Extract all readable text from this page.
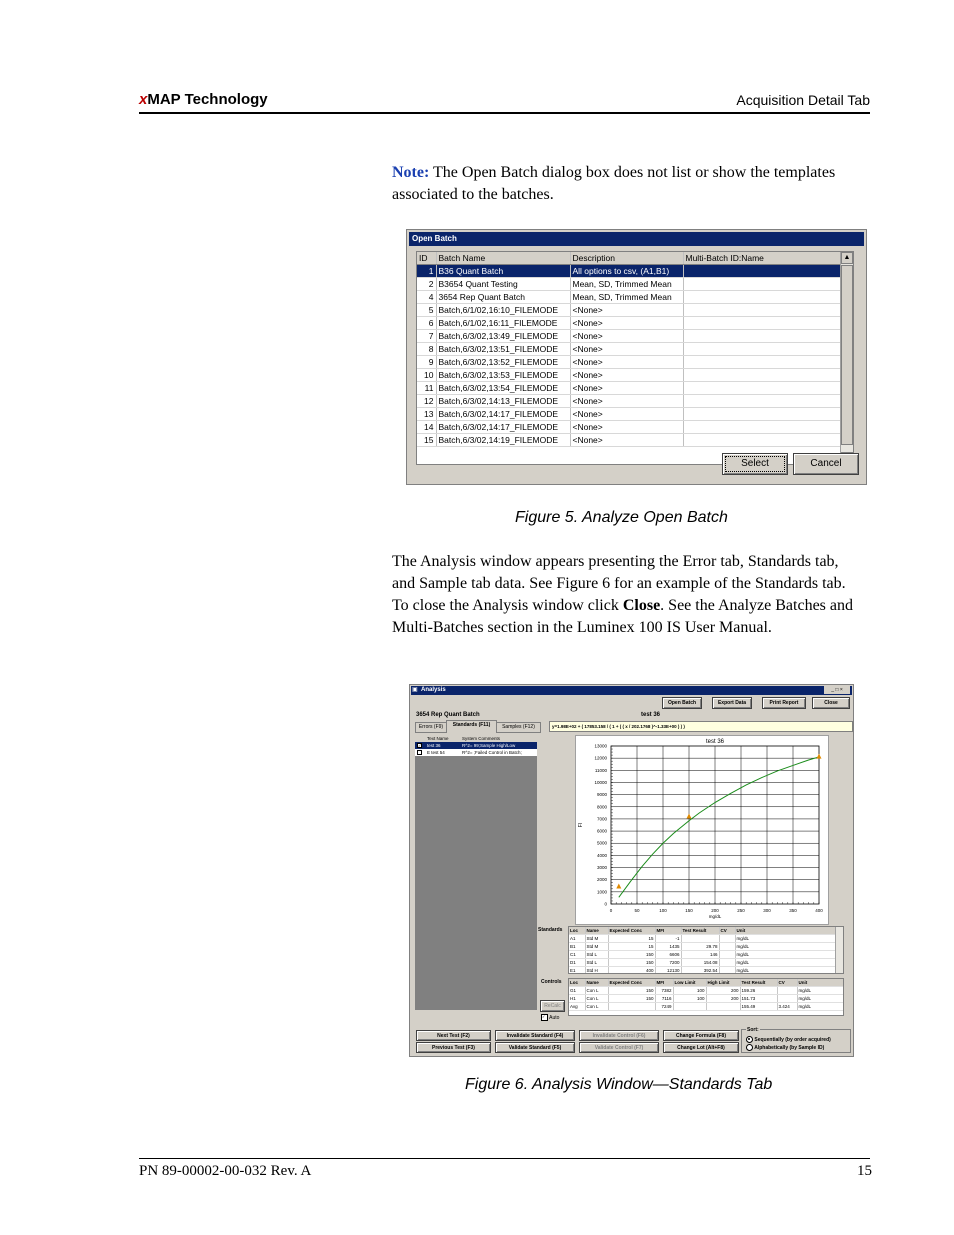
xMAP Technology	Acquisition Detail Tab
Note: The Open Batch dialog box does not list or show the templates associated to the batches.
Open Batch
ID	Batch Name	Description	Multi-Batch ID:Name
1	B36 Quant Batch	All options to csv, (A1,B1)	
2	B3654 Quant Testing	Mean, SD, Trimmed Mean	
4	3654 Rep Quant Batch	Mean, SD, Trimmed Mean	
5	Batch,6/1/02,16:10_FILEMODE	<None>	
6	Batch,6/1/02,16:11_FILEMODE	<None>	
7	Batch,6/3/02,13:49_FILEMODE	<None>	
8	Batch,6/3/02,13:51_FILEMODE	<None>	
9	Batch,6/3/02,13:52_FILEMODE	<None>	
10	Batch,6/3/02,13:53_FILEMODE	<None>	
11	Batch,6/3/02,13:54_FILEMODE	<None>	
12	Batch,6/3/02,14:13_FILEMODE	<None>	
13	Batch,6/3/02,14:17_FILEMODE	<None>	
14	Batch,6/3/02,14:17_FILEMODE	<None>	
15	Batch,6/3/02,14:19_FILEMODE	<None>	
▲
Select	Cancel
Figure 5. Analyze Open Batch
The Analysis window appears presenting the Error tab, Standards tab, and Sample tab data. See Figure 6 for an example of the Standards tab. To close the Analysis window click Close. See the Analyze Batches and Multi-Batches section in the Luminex 100 IS User Manual.
Analysis
▣	_ □ ×
Open Batch	Export Data	Print Report	Close
3654 Rep Quant Batch	test 36
Errors (F9)	Standards (F11)	Samples (F12)	y=1.98E+02 + ( 17853.158 / ( 1 + ( ( x / 202.1768 )^-1.33E+00 ) ) )
Text Name	System Comments
✓ test 36	R^2= 99;Sample High/Low
E test 54	R^2= ;Failed Control in Batch;
0	50	100	150	200	250	300	350	400
0
1000
2000
3000
4000
5000
6000
7000
8000
9000
10000
11000
12000
13000
test 36
mg/dL
FI
Standards Loc	Name	Expected Conc	MFI	Test Result	CV	Unit
A1	Std M	15	-1			mg/dL
B1	Std M	15	1435	29.78		mg/dL
C1	Std L	150	6606	146		mg/dL
D1	Std L	150	7200	154.08		mg/dL
E1	Std H	400	12130	392.54		mg/dL
Controls Loc	Name	Expected Conc	MFI	Low Limit	High Limit	Test Result	CV	Unit
G1	Con L	150	7382	100	200	159.26		mg/dL
H1	Con L	150	7116	100	200	151.73		mg/dL
Avg	Con L		7249			155.49	3.424	mg/dL
ReCalc
✓ Auto
Next Test (F2)	Invalidate Standard (F4)	Invalidate Control (F6)	Change Formula (F8)
Previous Test (F3)	Validate Standard (F5)	Validate Control (F7)	Change Lot (Alt+F8)
Sort:
Sequentially (by order acquired)
Alphabetically (by Sample ID)
Figure 6. Analysis Window—Standards Tab
PN 89-00002-00-032 Rev. A	15
